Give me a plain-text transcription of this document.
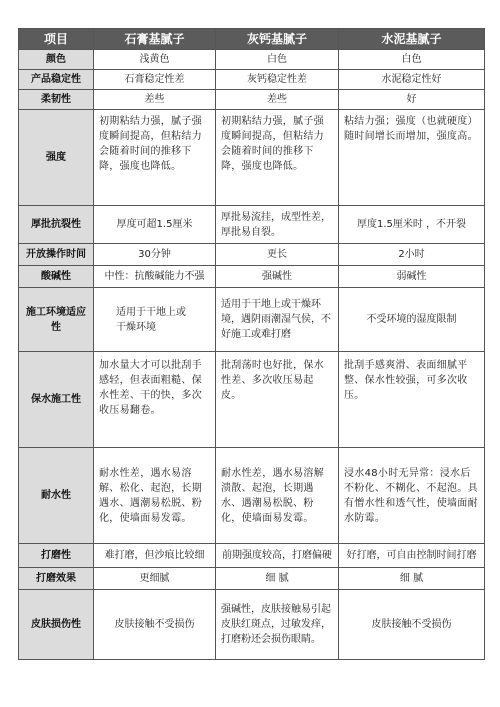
项目	石膏基腻子	灰钙基腻子	水泥基腻子
颜色	浅黄色	白色	白色
产品稳定性	石膏稳定性差	灰钙稳定性差	水泥稳定性好
柔韧性	差些	差些	好
强度	初期粘结力强，腻子强度瞬间提高，但粘结力会随着时间的推移下降，强度也降低。	初期粘结力强，腻子强度瞬间提高，但粘结力会随着时间的推移下降，强度也降低。	粘结力强；强度（也就硬度）随时间增长而增加，强度高。
厚批抗裂性	厚度可超1.5厘米	厚批易流挂，成型性差，厚批易自裂。	厚度1.5厘米时 ，不开裂
开放操作时间	30分钟	更长	2小时
酸碱性	中性：抗酸碱能力不强	强碱性	弱碱性
施工环境适应性	适用于干地上或干燥环境	适用于干地上或干燥环境，遇阴雨潮湿气侯，不好施工或难打磨	不受环境的湿度限制
保水施工性	加水量大才可以批刮手感轻，但表面粗糙、保水性差、干的快，多次收压易翻卷。	批刮荡时也好批，保水性差、多次收压易起皮。	批刮手感爽滑、表面细腻平整、保水性较强，可多次收压。
耐水性	耐水性差，遇水易溶解、松化、起泡，长期遇水、遇潮易松脱、粉化，使墙面易发霉。	耐水性差，遇水易溶解溃散、起泡，长期遇水、遇潮易松脱、粉化，使墙面易发霉。	浸水48小时无异常：浸水后不粉化、不糊化、不起泡。具有憎水性和透气性，使墙面耐水防霉。
打磨性	难打磨，但沙痕比较细	前期强度较高，打磨偏硬	好打磨，可自由控制时间打磨
打磨效果	更细腻	细 腻	细 腻
皮肤损伤性	皮肤接触不受损伤	强碱性，皮肤接触易引起皮肤红斑点，过敏发痒，打磨粉还会损伤眼睛。	皮肤接触不受损伤
